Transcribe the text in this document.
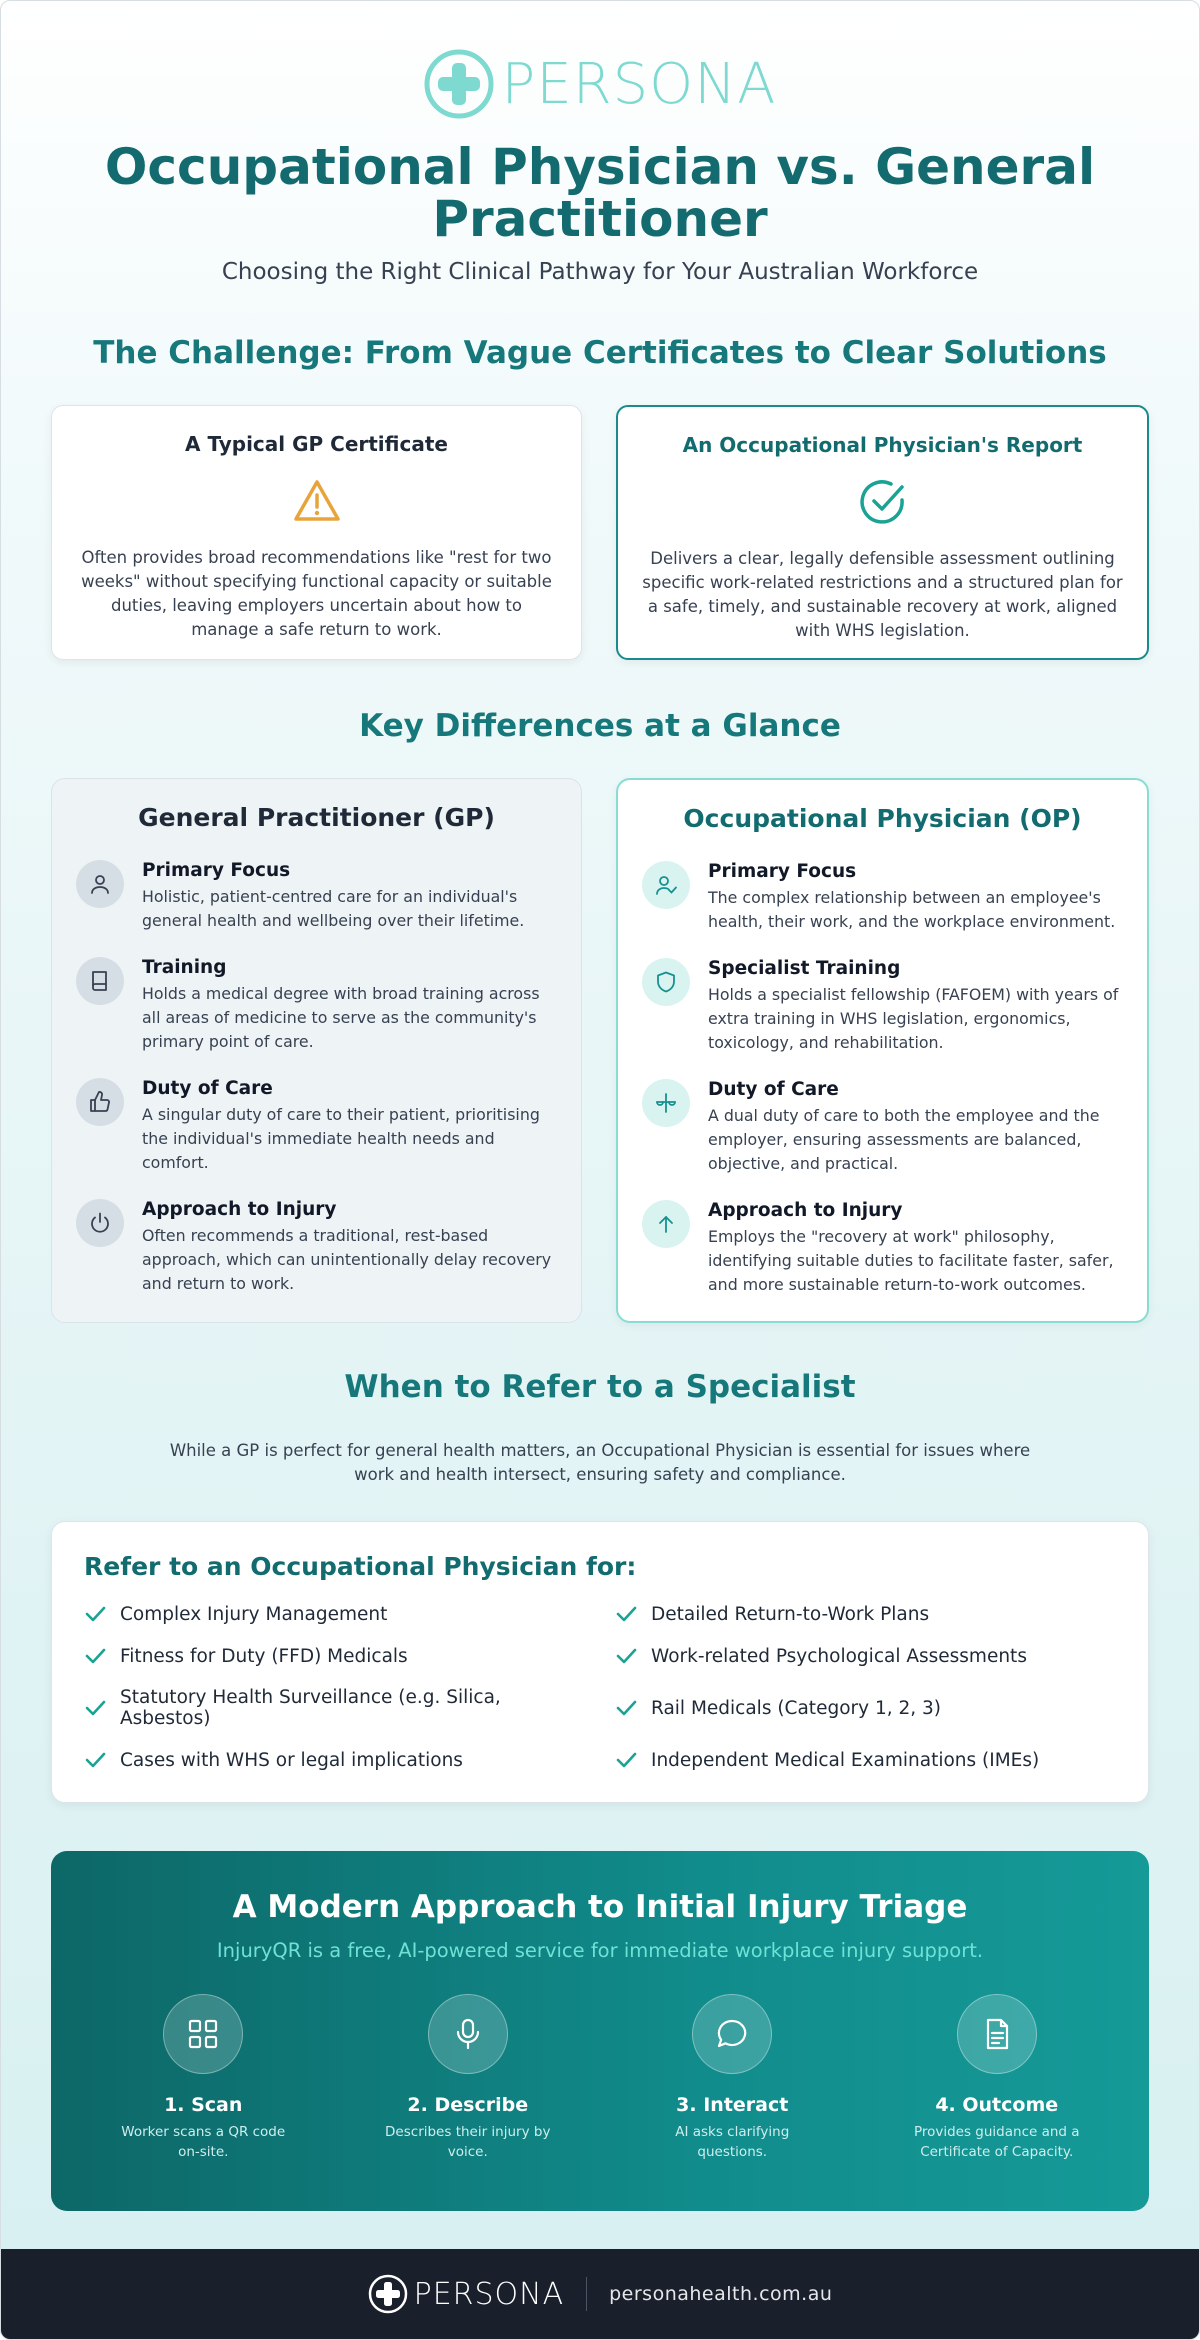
PERSONA
Occupational Physician vs. General Practitioner
Choosing the Right Clinical Pathway for Your Australian Workforce
The Challenge: From Vague Certificates to Clear Solutions
A Typical GP Certificate

Often provides broad recommendations like "rest for two weeks" without specifying functional capacity or suitable duties, leaving employers uncertain about how to manage a safe return to work.

An Occupational Physician's Report

Delivers a clear, legally defensible assessment outlining specific work-related restrictions and a structured plan for a safe, timely, and sustainable recovery at work, aligned with WHS legislation.

Key Differences at a Glance
General Practitioner (GP)
Primary Focus

Holistic, patient-centred care for an individual's general health and wellbeing over their lifetime.

Training

Holds a medical degree with broad training across all areas of medicine to serve as the community's primary point of care.

Duty of Care

A singular duty of care to their patient, prioritising the individual's immediate health needs and comfort.

Approach to Injury

Often recommends a traditional, rest-based approach, which can unintentionally delay recovery and return to work.

Occupational Physician (OP)
Primary Focus

The complex relationship between an employee's health, their work, and the workplace environment.

Specialist Training

Holds a specialist fellowship (FAFOEM) with years of extra training in WHS legislation, ergonomics, toxicology, and rehabilitation.

Duty of Care

A dual duty of care to both the employee and the employer, ensuring assessments are balanced, objective, and practical.

Approach to Injury

Employs the "recovery at work" philosophy, identifying suitable duties to facilitate faster, safer, and more sustainable return-to-work outcomes.

When to Refer to a Specialist

While a GP is perfect for general health matters, an Occupational Physician is essential for issues where work and health intersect, ensuring safety and compliance.

Refer to an Occupational Physician for:
Complex Injury Management	Detailed Return-to-Work Plans
Fitness for Duty (FFD) Medicals	Work-related Psychological Assessments
Statutory Health Surveillance (e.g. Silica, Asbestos)	Rail Medicals (Category 1, 2, 3)
Cases with WHS or legal implications	Independent Medical Examinations (IMEs)
A Modern Approach to Initial Injury Triage
InjuryQR is a free, AI-powered service for immediate workplace injury support.
1. Scan
Worker scans a QR code on-site.
2. Describe
Describes their injury by voice.
3. Interact
AI asks clarifying questions.
4. Outcome
Provides guidance and a Certificate of Capacity.
PERSONA personahealth.com.au
